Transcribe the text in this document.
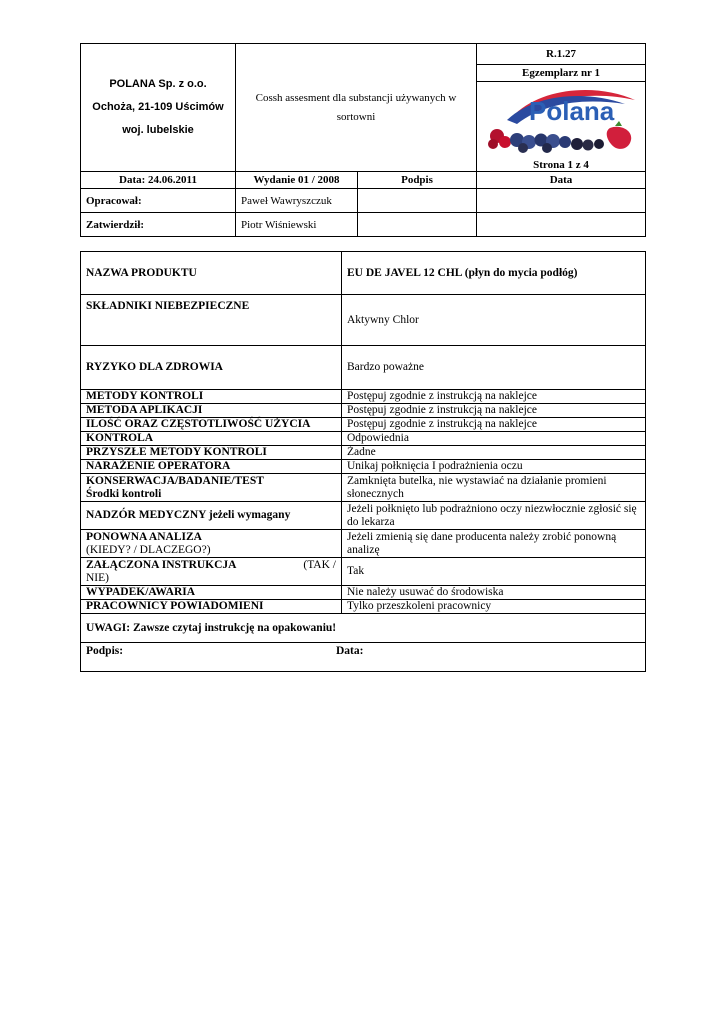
POLANA Sp. z o.o.

Ochoża, 21-109 Uścimów

woj. lubelskie	Cossh assesment dla substancji używanych w sortowni		R.1.27
			Egzemplarz nr 1

Polana
Strona 1 z 4

Data: 24.06.2011	Wydanie 01 / 2008	Podpis	Data
Opracował:	Paweł Wawryszczuk		
Zatwierdził:	Piotr Wiśniewski		
NAZWA PRODUKTU	EU DE JAVEL 12 CHL (płyn do mycia podłóg)
SKŁADNIKI NIEBEZPIECZNE	Aktywny Chlor
RYZYKO DLA ZDROWIA	Bardzo poważne
METODY KONTROLI	Postępuj zgodnie z instrukcją na naklejce
METODA APLIKACJI	Postępuj zgodnie z instrukcją na naklejce
ILOŚĆ ORAZ CZĘSTOTLIWOŚĆ UŻYCIA	Postępuj zgodnie z instrukcją na naklejce
KONTROLA	Odpowiednia
PRZYSZŁE METODY KONTROLI	Żadne
NARAŻENIE OPERATORA	Unikaj połknięcia I podrażnienia oczu

KONSERWACJA/BADANIE/TEST
Środki kontroli	Zamknięta butelka, nie wystawiać na działanie promieni słonecznych
NADZÓR MEDYCZNY jeżeli wymagany	Jeżeli połknięto lub podrażniono oczy niezwłocznie zgłosić się do lekarza

PONOWNA ANALIZA
(KIEDY? / DLACZEGO?)	Jeżeli zmienią się dane producenta należy zrobić ponowną analizę

ZAŁĄCZONA INSTRUKCJA (TAK /
NIE)	Tak
WYPADEK/AWARIA	Nie należy usuwać do środowiska
PRACOWNICY POWIADOMIENI	Tylko przeszkoleni pracownicy
UWAGI: Zawsze czytaj instrukcję na opakowaniu!	
Podpis: Data:	
